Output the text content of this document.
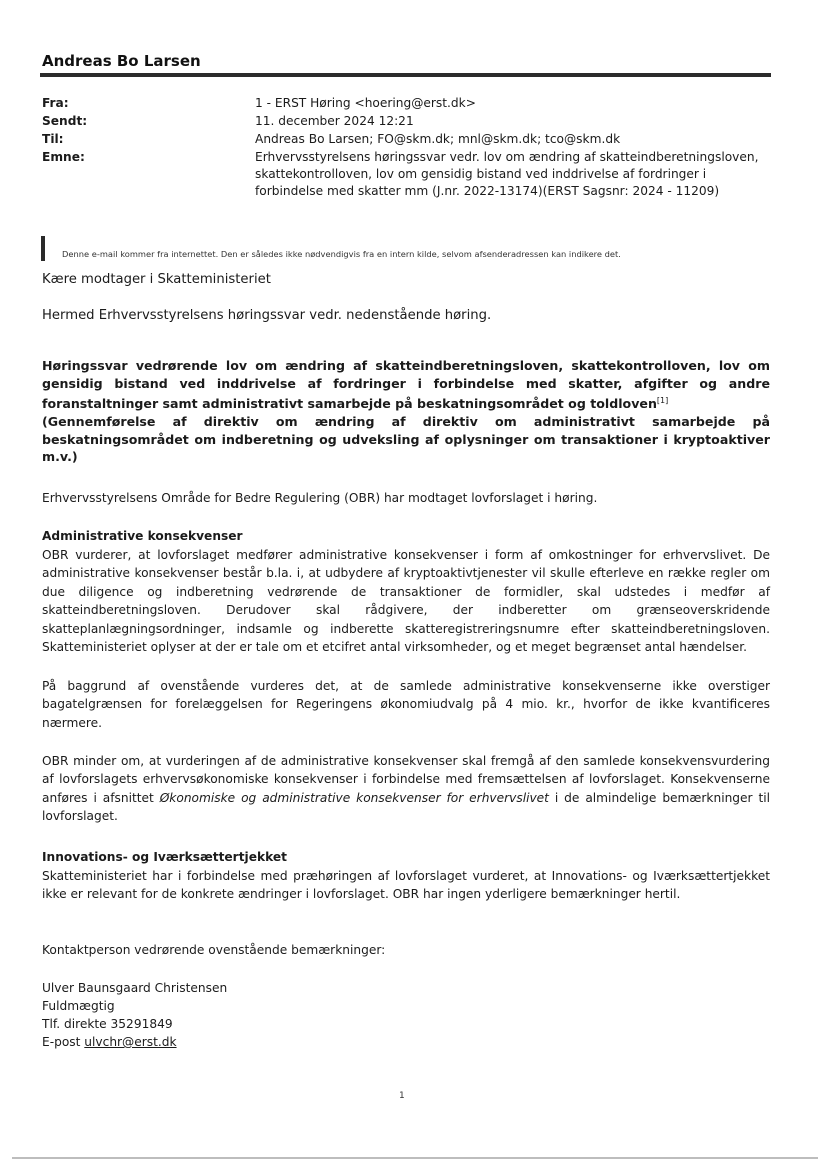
Andreas Bo Larsen
Fra:
Sendt:
Til:
Emne:
1 - ERST Høring <hoering@erst.dk>
11. december 2024 12:21
Andreas Bo Larsen; FO@skm.dk; mnl@skm.dk; tco@skm.dk
Erhvervsstyrelsens høringssvar vedr. lov om ændring af skatteindberetningsloven, skattekontrolloven, lov om gensidig bistand ved inddrivelse af fordringer i forbindelse med skatter mm (J.nr. 2022-13174)(ERST Sagsnr: 2024 - 11209)
Denne e-mail kommer fra internettet. Den er således ikke nødvendigvis fra en intern kilde, selvom afsenderadressen kan indikere det.
Kære modtager i Skatteministeriet
Hermed Erhvervsstyrelsens høringssvar vedr. nedenstående høring.
Høringssvar vedrørende lov om ændring af skatteindberetningsloven, skattekontrolloven, lov om gensidig bistand ved inddrivelse af fordringer i forbindelse med skatter, afgifter og andre foranstaltninger samt administrativt samarbejde på beskatningsområdet og toldloven[1]
(Gennemførelse af direktiv om ændring af direktiv om administrativt samarbejde på beskatningsområdet om indberetning og udveksling af oplysninger om transaktioner i kryptoaktiver m.v.)
Erhvervsstyrelsens Område for Bedre Regulering (OBR) har modtaget lovforslaget i høring.
Administrative konsekvenser
OBR vurderer, at lovforslaget medfører administrative konsekvenser i form af omkostninger for erhvervslivet. De administrative konsekvenser består b.la. i, at udbydere af kryptoaktivtjenester vil skulle efterleve en række regler om due diligence og indberetning vedrørende de transaktioner de formidler, skal udstedes i medfør af skatteindberetningsloven. Derudover skal rådgivere, der indberetter om grænseoverskridende skatteplanlægningsordninger, indsamle og indberette skatteregistreringsnumre efter skatteindberetningsloven. Skatteministeriet oplyser at der er tale om et etcifret antal virksomheder, og et meget begrænset antal hændelser.
På baggrund af ovenstående vurderes det, at de samlede administrative konsekvenserne ikke overstiger bagatelgrænsen for forelæggelsen for Regeringens økonomiudvalg på 4 mio. kr., hvorfor de ikke kvantificeres nærmere.
OBR minder om, at vurderingen af de administrative konsekvenser skal fremgå af den samlede konsekvensvurdering af lovforslagets erhvervsøkonomiske konsekvenser i forbindelse med fremsættelsen af lovforslaget. Konsekvenserne anføres i afsnittet Økonomiske og administrative konsekvenser for erhvervslivet i de almindelige bemærkninger til lovforslaget.
Innovations- og Iværksættertjekket
Skatteministeriet har i forbindelse med præhøringen af lovforslaget vurderet, at Innovations- og Iværksættertjekket ikke er relevant for de konkrete ændringer i lovforslaget. OBR har ingen yderligere bemærkninger hertil.
Kontaktperson vedrørende ovenstående bemærkninger:
Ulver Baunsgaard Christensen
Fuldmægtig
Tlf. direkte 35291849
E-post ulvchr@erst.dk
1
